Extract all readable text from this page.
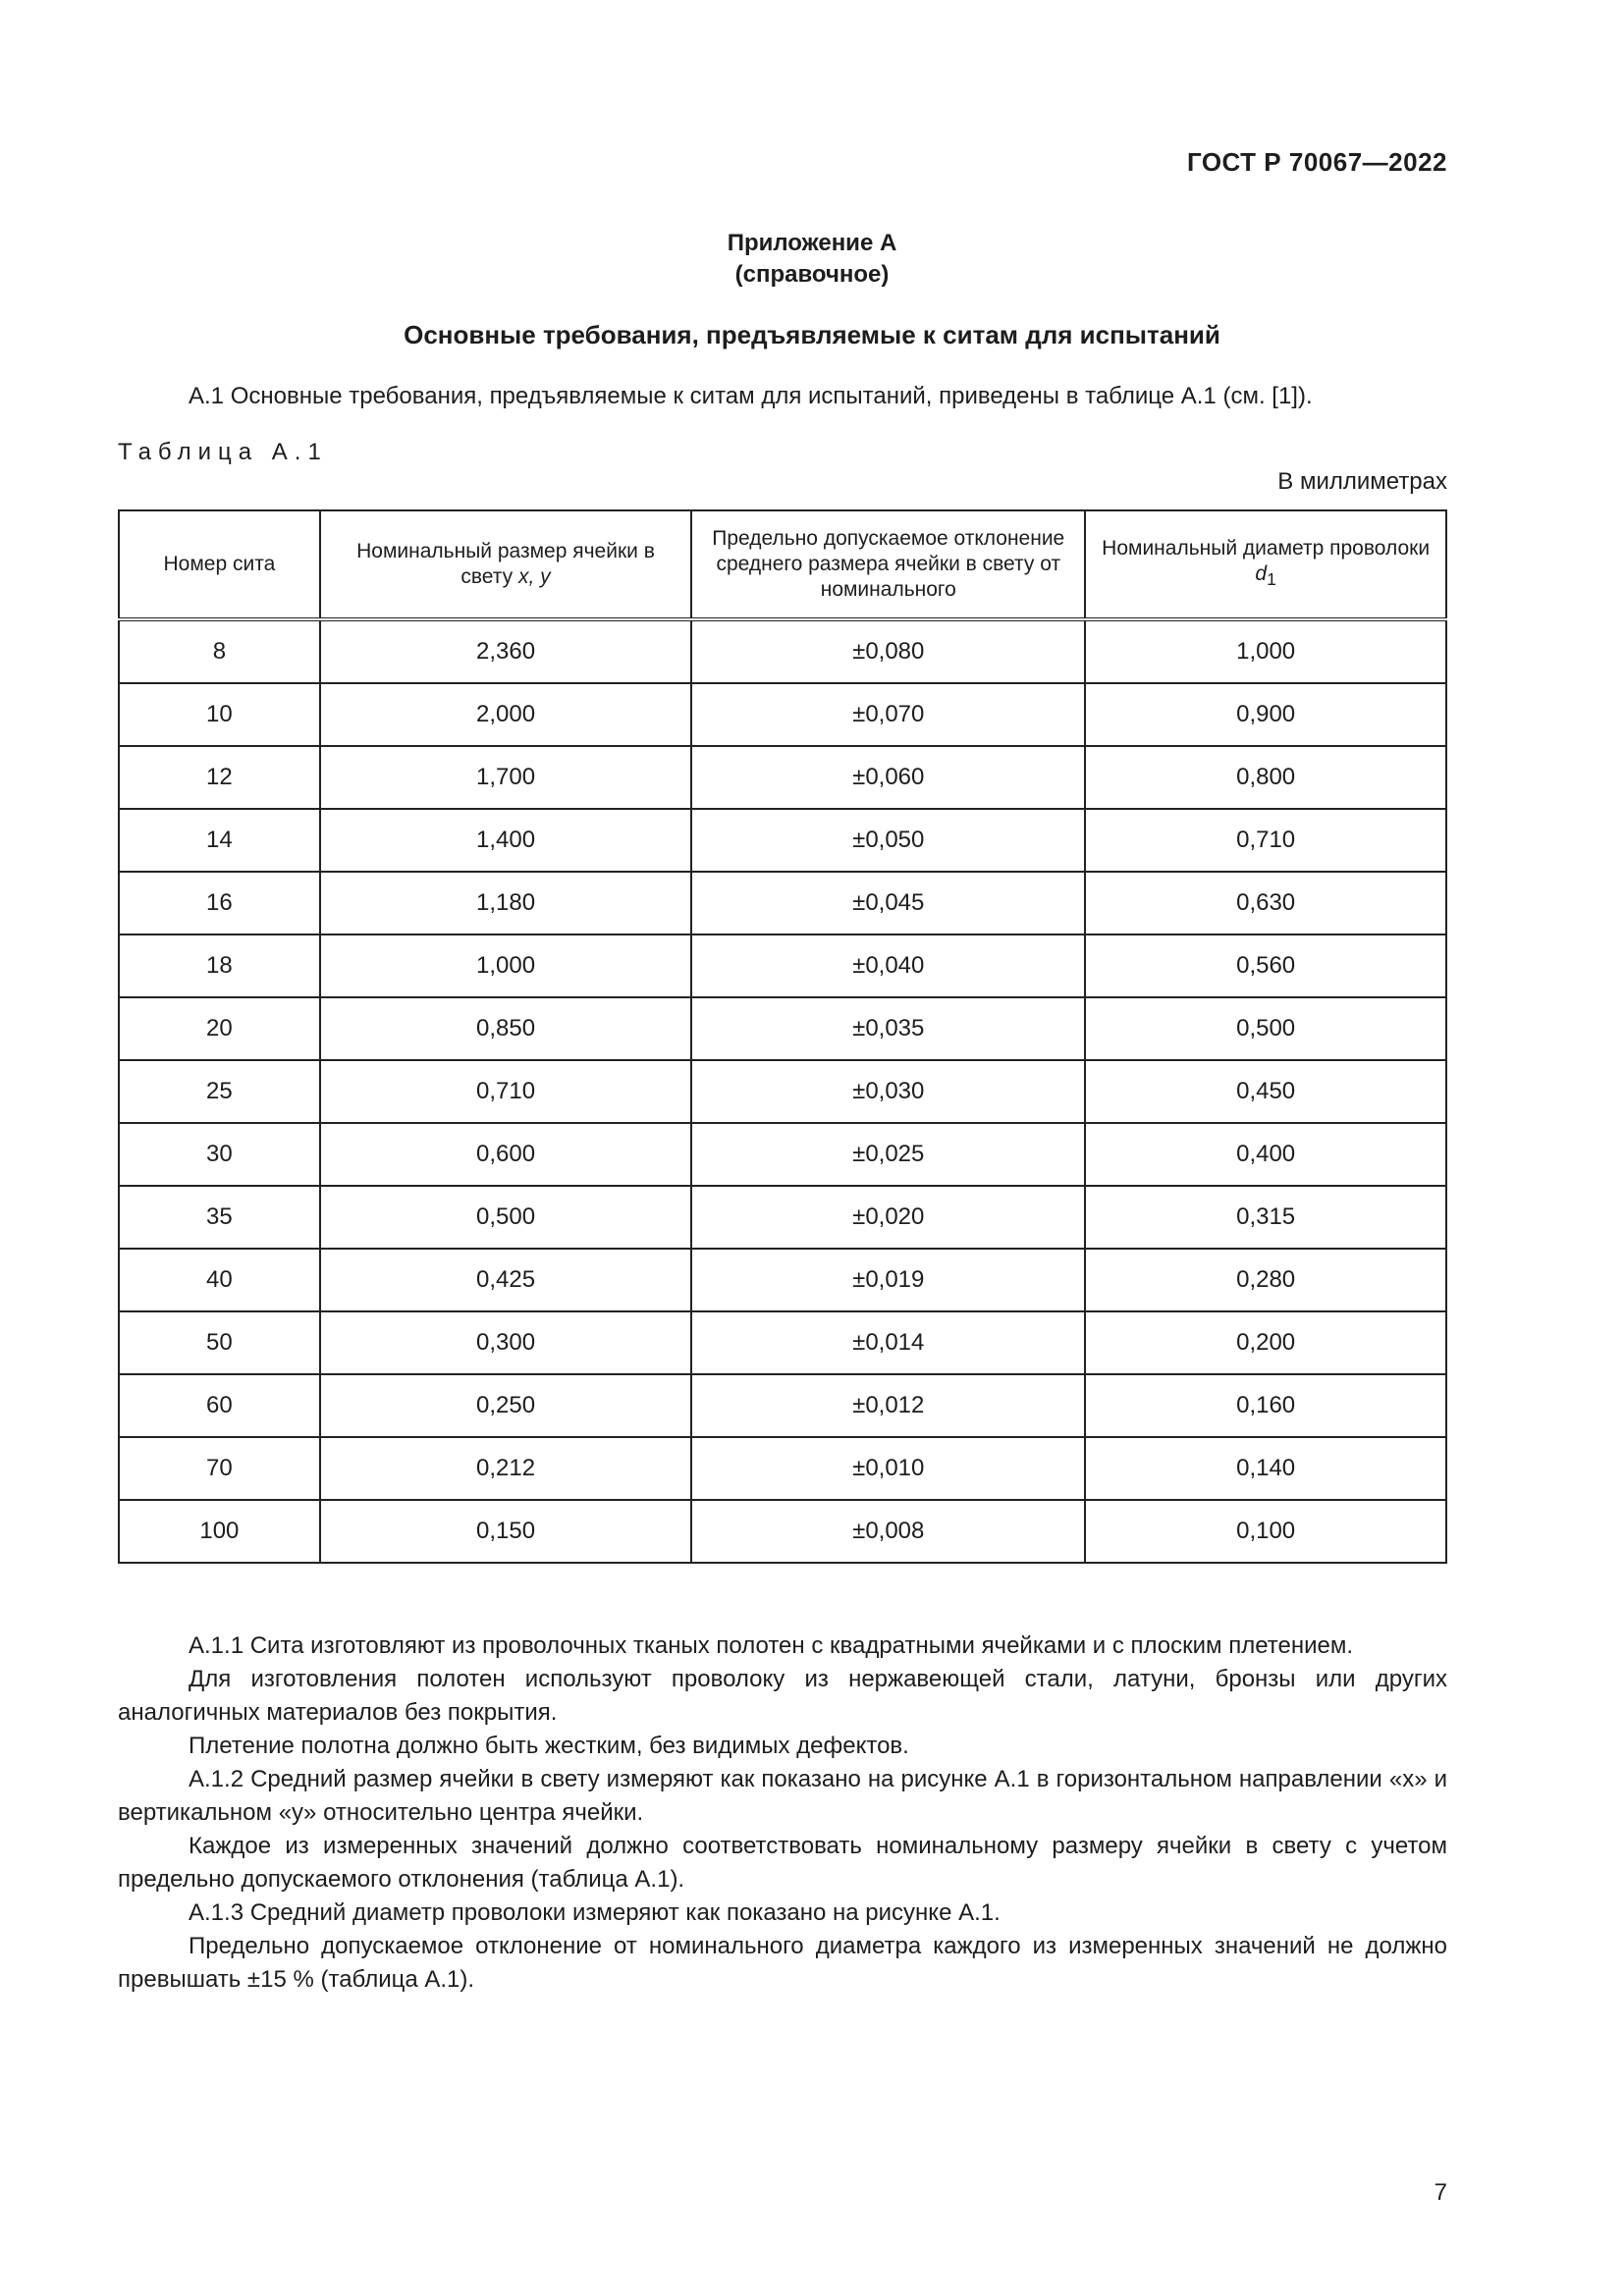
ГОСТ Р 70067—2022
Приложение А
(справочное)
Основные требования, предъявляемые к ситам для испытаний
А.1 Основные требования, предъявляемые к ситам для испытаний, приведены в таблице А.1 (см. [1]).
Таблица А.1
В миллиметрах
Номер сита	Номинальный размер ячейки в свету x, y	Предельно допускаемое отклонение среднего размера ячейки в свету от номинального	Номинальный диаметр проволоки $d_1$
8	2,360	±0,080	1,000
10	2,000	±0,070	0,900
12	1,700	±0,060	0,800
14	1,400	±0,050	0,710
16	1,180	±0,045	0,630
18	1,000	±0,040	0,560
20	0,850	±0,035	0,500
25	0,710	±0,030	0,450
30	0,600	±0,025	0,400
35	0,500	±0,020	0,315
40	0,425	±0,019	0,280
50	0,300	±0,014	0,200
60	0,250	±0,012	0,160
70	0,212	±0,010	0,140
100	0,150	±0,008	0,100

А.1.1 Сита изготовляют из проволочных тканых полотен с квадратными ячейками и с плоским плетением.

Для изготовления полотен используют проволоку из нержавеющей стали, латуни, бронзы или других аналогичных материалов без покрытия.

Плетение полотна должно быть жестким, без видимых дефектов.

А.1.2 Средний размер ячейки в свету измеряют как показано на рисунке А.1 в горизонтальном направлении «x» и вертикальном «y» относительно центра ячейки.

Каждое из измеренных значений должно соответствовать номинальному размеру ячейки в свету с учетом предельно допускаемого отклонения (таблица А.1).

А.1.3 Средний диаметр проволоки измеряют как показано на рисунке А.1.

Предельно допускаемое отклонение от номинального диаметра каждого из измеренных значений не должно превышать ±15 % (таблица А.1).

7
